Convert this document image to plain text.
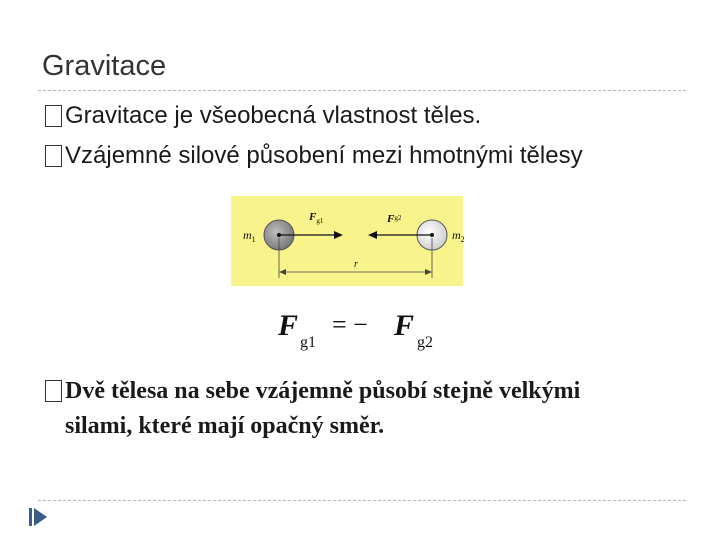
Gravitace
Gravitace je všeobecná vlastnost těles.
Vzájemné silové působení mezi hmotnými tělesy
$m_1$	$m_2$
$F_{g1}$	Fg2
r
F
g1
= − F
g2
Dvě tělesa na sebe vzájemně působí stejně velkými
silami, které mají opačný směr.
